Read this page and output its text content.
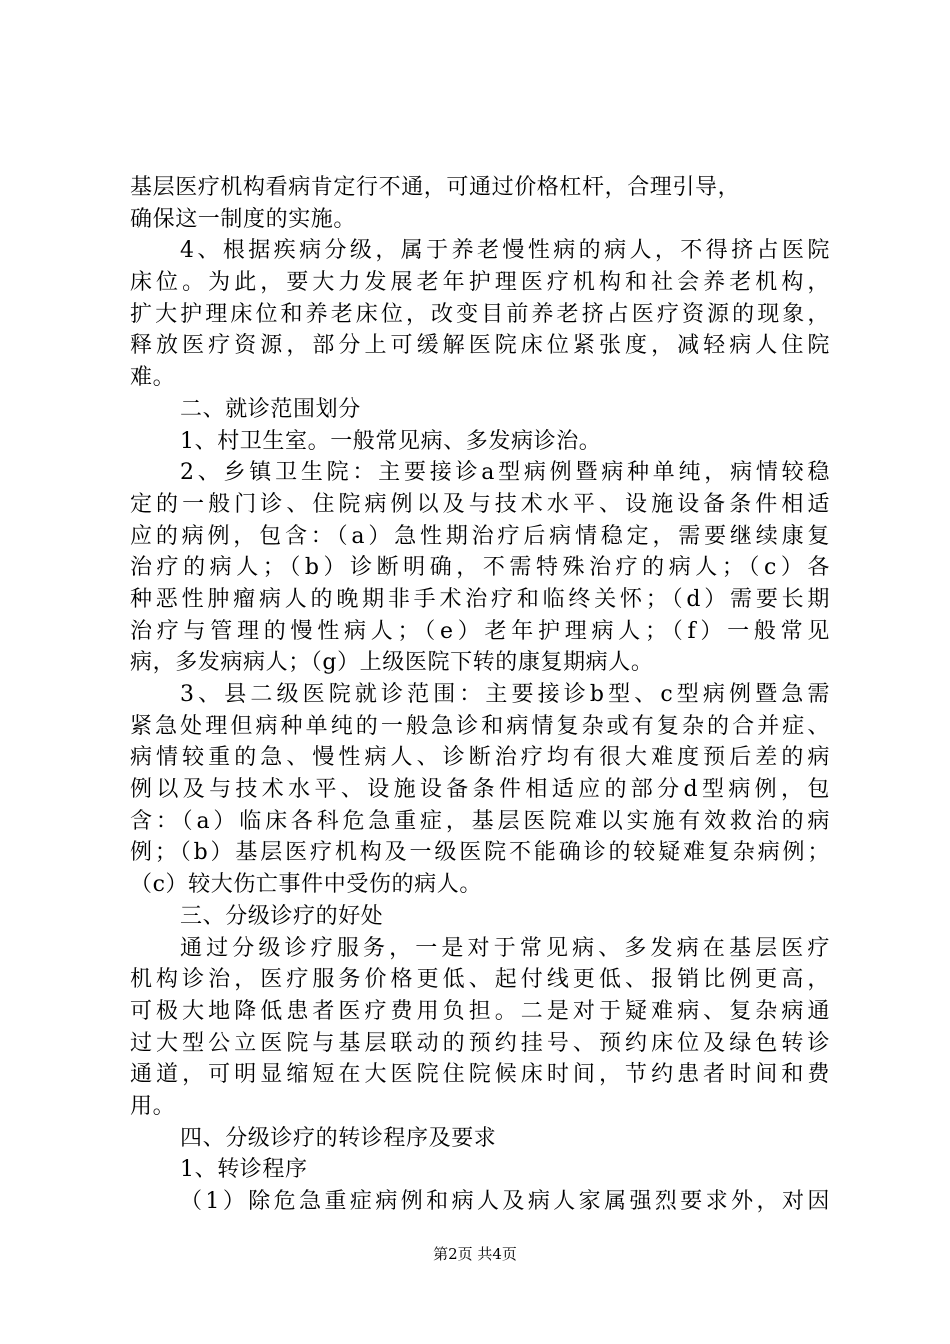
基层医疗机构看病肯定行不通，可通过价格杠杆，合理引导，
确保这一制度的实施。
4、根据疾病分级，属于养老慢性病的病人，不得挤占医院
床位。为此，要大力发展老年护理医疗机构和社会养老机构，
扩大护理床位和养老床位，改变目前养老挤占医疗资源的现象，
释放医疗资源，部分上可缓解医院床位紧张度，减轻病人住院
难。
二、就诊范围划分
1、村卫生室。一般常见病、多发病诊治。
2、乡镇卫生院：主要接诊a型病例暨病种单纯，病情较稳
定的一般门诊、住院病例以及与技术水平、设施设备条件相适
应的病例，包含：（a）急性期治疗后病情稳定，需要继续康复
治疗的病人；（b）诊断明确，不需特殊治疗的病人；（c）各
种恶性肿瘤病人的晚期非手术治疗和临终关怀；（d）需要长期
治疗与管理的慢性病人；（e）老年护理病人；（f）一般常见
病，多发病病人；（g）上级医院下转的康复期病人。
3、县二级医院就诊范围：主要接诊b型、c型病例暨急需
紧急处理但病种单纯的一般急诊和病情复杂或有复杂的合并症、
病情较重的急、慢性病人、诊断治疗均有很大难度预后差的病
例以及与技术水平、设施设备条件相适应的部分d型病例，包
含：（a）临床各科危急重症，基层医院难以实施有效救治的病
例；（b）基层医疗机构及一级医院不能确诊的较疑难复杂病例；
（c）较大伤亡事件中受伤的病人。
三、分级诊疗的好处
通过分级诊疗服务，一是对于常见病、多发病在基层医疗
机构诊治，医疗服务价格更低、起付线更低、报销比例更高，
可极大地降低患者医疗费用负担。二是对于疑难病、复杂病通
过大型公立医院与基层联动的预约挂号、预约床位及绿色转诊
通道，可明显缩短在大医院住院候床时间，节约患者时间和费
用。
四、分级诊疗的转诊程序及要求
1、转诊程序
（1）除危急重症病例和病人及病人家属强烈要求外，对因
第2页 共4页
